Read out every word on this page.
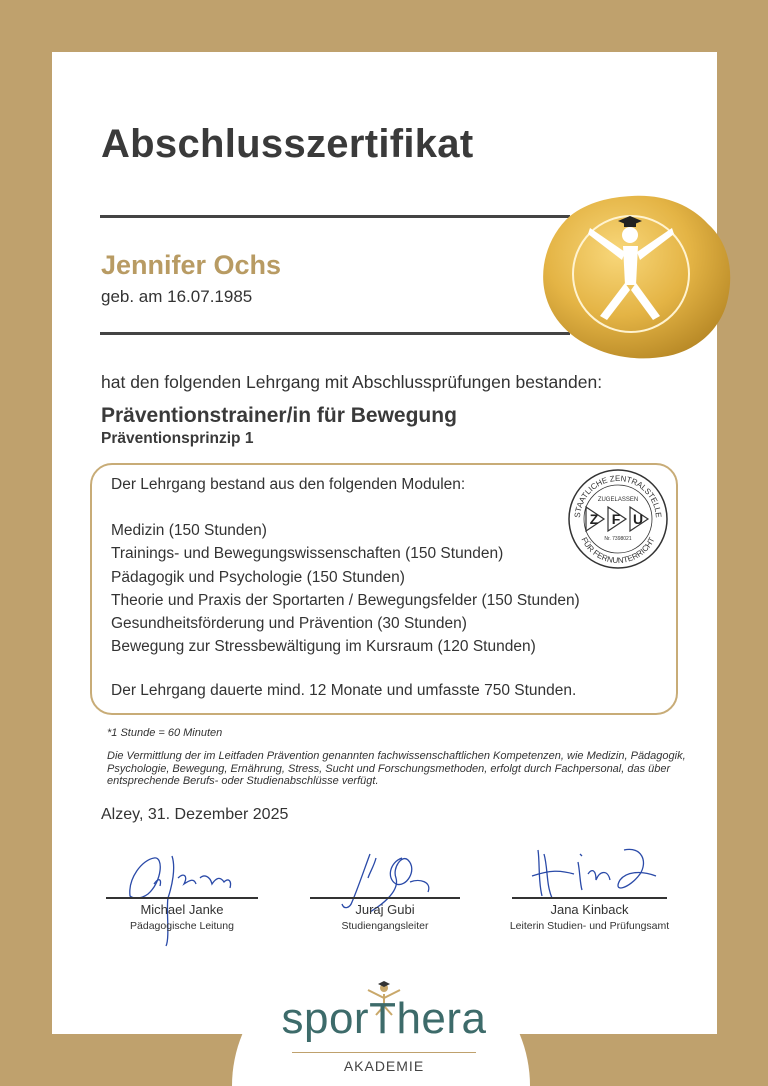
Abschlusszertifikat
Jennifer Ochs
geb. am 16.07.1985
hat den folgenden Lehrgang mit Abschlussprüfungen bestanden:
Präventionstrainer/in für Bewegung
Präventionsprinzip 1
Der Lehrgang bestand aus den folgenden Modulen:
Medizin (150 Stunden)
Trainings- und Bewegungswissenschaften (150 Stunden)
Pädagogik und Psychologie (150 Stunden)
Theorie und Praxis der Sportarten / Bewegungsfelder (150 Stunden)
Gesundheitsförderung und Prävention (30 Stunden)
Bewegung zur Stressbewältigung im Kursraum (120 Stunden)
Der Lehrgang dauerte mind. 12 Monate und umfasste 750 Stunden.
STAATLICHE ZENTRALSTELLE
FÜR FERNUNTERRICHT
ZUGELASSEN
Z F U
Nr. 7398021
*1 Stunde = 60 Minuten
Die Vermittlung der im Leitfaden Prävention genannten fachwissenschaftlichen Kompetenzen, wie Medizin, Pädagogik, Psychologie, Bewegung, Ernährung, Stress, Sucht und Forschungsmethoden, erfolgt durch Fachpersonal, das über entsprechende Berufs- oder Studienabschlüsse verfügt.
Alzey, 31. Dezember 2025
Michael Janke
Pädagogische Leitung
Juraj Gubi
Studiengangsleiter
Jana Kinback
Leiterin Studien- und Prüfungsamt
sporThera
AKADEMIE
